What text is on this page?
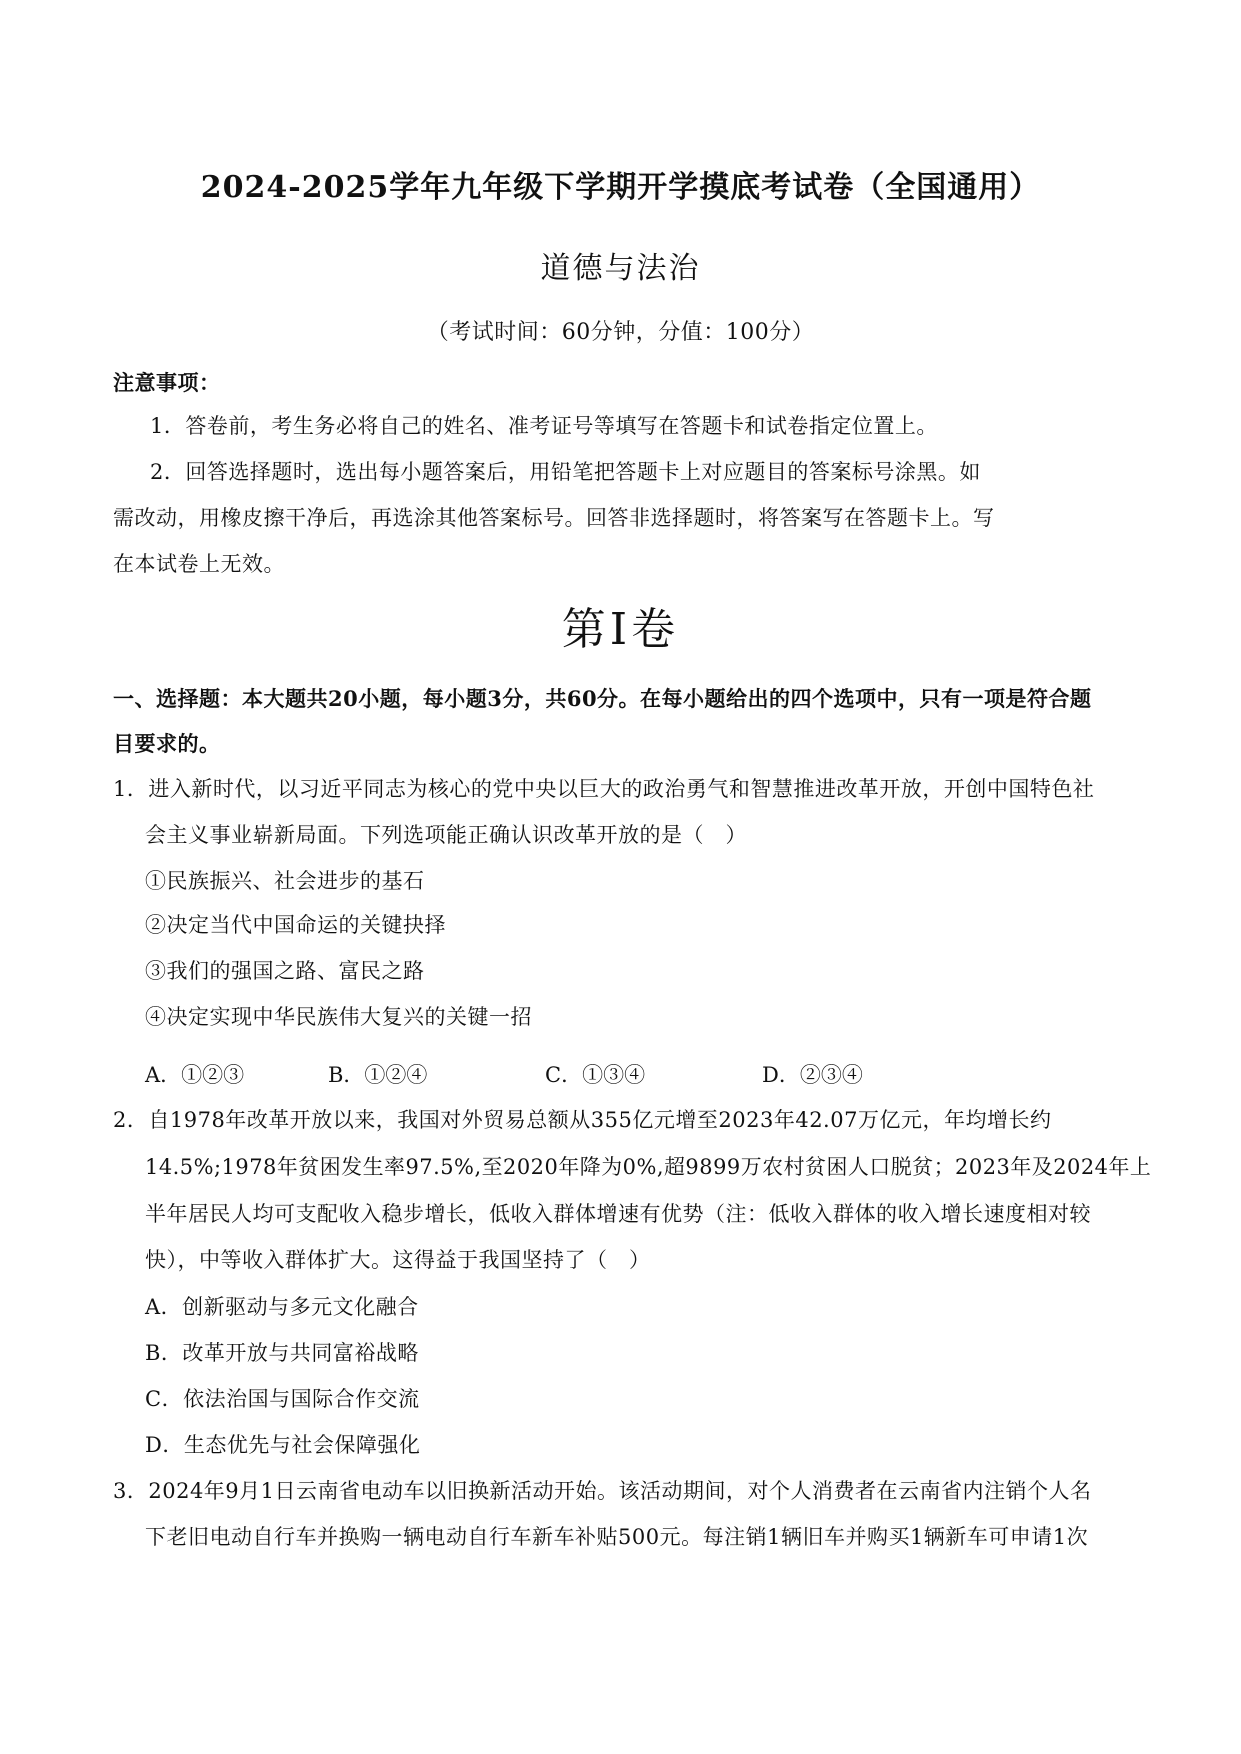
2024-2025学年九年级下学期开学摸底考试卷（全国通用）
道德与法治
（考试时间：60分钟，分值：100分）
注意事项：
1．答卷前，考生务必将自己的姓名、准考证号等填写在答题卡和试卷指定位置上。
2．回答选择题时，选出每小题答案后，用铅笔把答题卡上对应题目的答案标号涂黑。如
需改动，用橡皮擦干净后，再选涂其他答案标号。回答非选择题时，将答案写在答题卡上。写
在本试卷上无效。
第Ⅰ卷
一、选择题：本大题共20小题，每小题3分，共60分。在每小题给出的四个选项中，只有一项是符合题
目要求的。
1．进入新时代，以习近平同志为核心的党中央以巨大的政治勇气和智慧推进改革开放，开创中国特色社
会主义事业崭新局面。下列选项能正确认识改革开放的是（　）
①民族振兴、社会进步的基石
②决定当代中国命运的关键抉择
③我们的强国之路、富民之路
④决定实现中华民族伟大复兴的关键一招
A．①②③	B．①②④	C．①③④	D．②③④
2．自1978年改革开放以来，我国对外贸易总额从355亿元增至2023年42.07万亿元，年均增长约
14.5%;1978年贫困发生率97.5%,至2020年降为0%,超9899万农村贫困人口脱贫；2023年及2024年上
半年居民人均可支配收入稳步增长，低收入群体增速有优势（注：低收入群体的收入增长速度相对较
快），中等收入群体扩大。这得益于我国坚持了（　）
A．创新驱动与多元文化融合
B．改革开放与共同富裕战略
C．依法治国与国际合作交流
D．生态优先与社会保障强化
3．2024年9月1日云南省电动车以旧换新活动开始。该活动期间，对个人消费者在云南省内注销个人名
下老旧电动自行车并换购一辆电动自行车新车补贴500元。每注销1辆旧车并购买1辆新车可申请1次
